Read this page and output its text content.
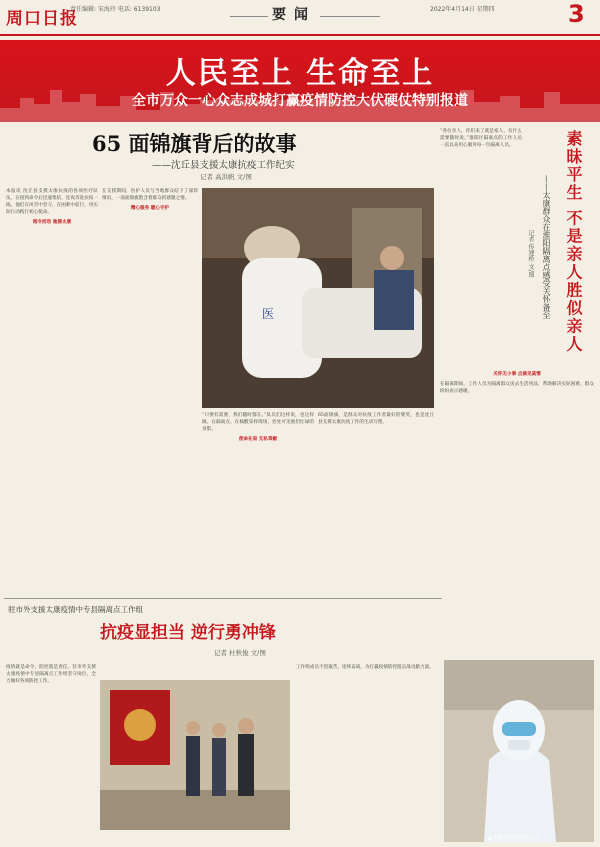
周口日报
责任编辑: 宋海玲 电话: 6139103	要闻	2022年4月14日 星期四	3
人民至上 生命至上
全市万众一心众志成城打赢疫情防控大伏硬仗特别报道
65 面锦旗背后的故事
——沈丘县支援太康抗疫工作纪实
记者 高洪帆 文/图
本报讯 沈丘县支援太康抗疫的各项医疗队伍，在接到命令后迅速集结，连夜奔赴抗疫一线。他们在风雪中坚守，在困难中前行，用实际行动践行初心使命。
闻令而动 驰援太康
在支援期间，医护人员与当地群众结下了深厚情谊，一面面锦旗饱含着群众的感激之情。
精心服务 暖心守护
医
“只要有需要，我们随时都在。”队员们这样说，也这样做。在隔离点、在核酸采样现场，处处可见他们忙碌的身影。
使命在肩 无私奉献
65面锦旗，是群众对抗疫工作者最好的褒奖，也是沈丘县支援太康抗疫工作的生动写照。
素昧平生 不是亲人胜似亲人
——太康群众在淮阳隔离点感受关怀备至
记者 传建桥 文/图
“各位亲人，你们来了就是家人，有什么需要随时说。”淮阳区隔离点的工作人员一直以来用心服务每一位隔离人员。
关怀无小事 点滴见真情
在隔离期间，工作人员为隔离群众送去生活用品，帮助解决实际困难，群众纷纷表示感谢。
驻市外支援太康疫情中专县隔离点工作组
抗疫显担当 逆行勇冲锋
记者 杜秋俊 文/图
疫情就是命令，防控就是责任。驻市外支援太康疫情中专县隔离点工作组坚守岗位，全力做好各项防控工作。
工作组成员不畏艰苦，连续奋战，为打赢疫情防控阻击战贡献力量。
▲ 全副武装的医护人员
